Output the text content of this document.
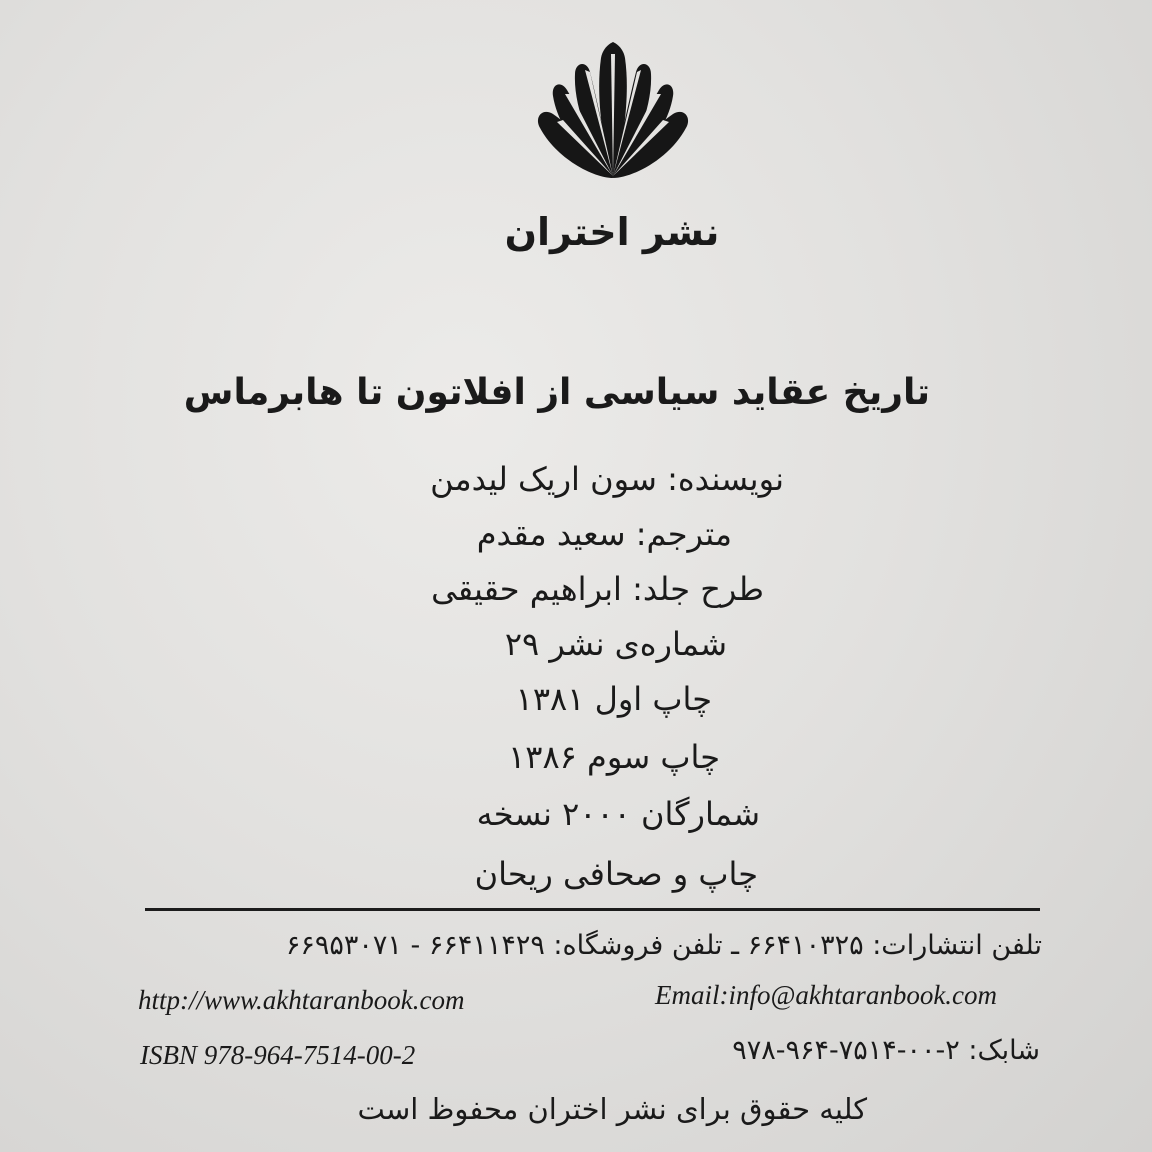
نشر اختران
تاریخ عقاید سیاسی از افلاتون تا هابرماس
نویسنده: سون اریک لیدمن
مترجم: سعید مقدم
طرح جلد: ابراهیم حقیقی
شماره‌ی نشر ۲۹
چاپ اول ۱۳۸۱
چاپ سوم ۱۳۸۶
شمارگان ۲۰۰۰ نسخه
چاپ و صحافی ریحان
تلفن انتشارات: ۶۶۴۱۰۳۲۵ ـ تلفن فروشگاه: ۶۶۴۱۱۴۲۹ - ۶۶۹۵۳۰۷۱
http://www.akhtaranbook.com	Email:info@akhtaranbook.com
ISBN 978-964-7514-00-2	شابک: ۲-۰۰-۷۵۱۴-۹۶۴-۹۷۸
کلیه حقوق برای نشر اختران محفوظ است
